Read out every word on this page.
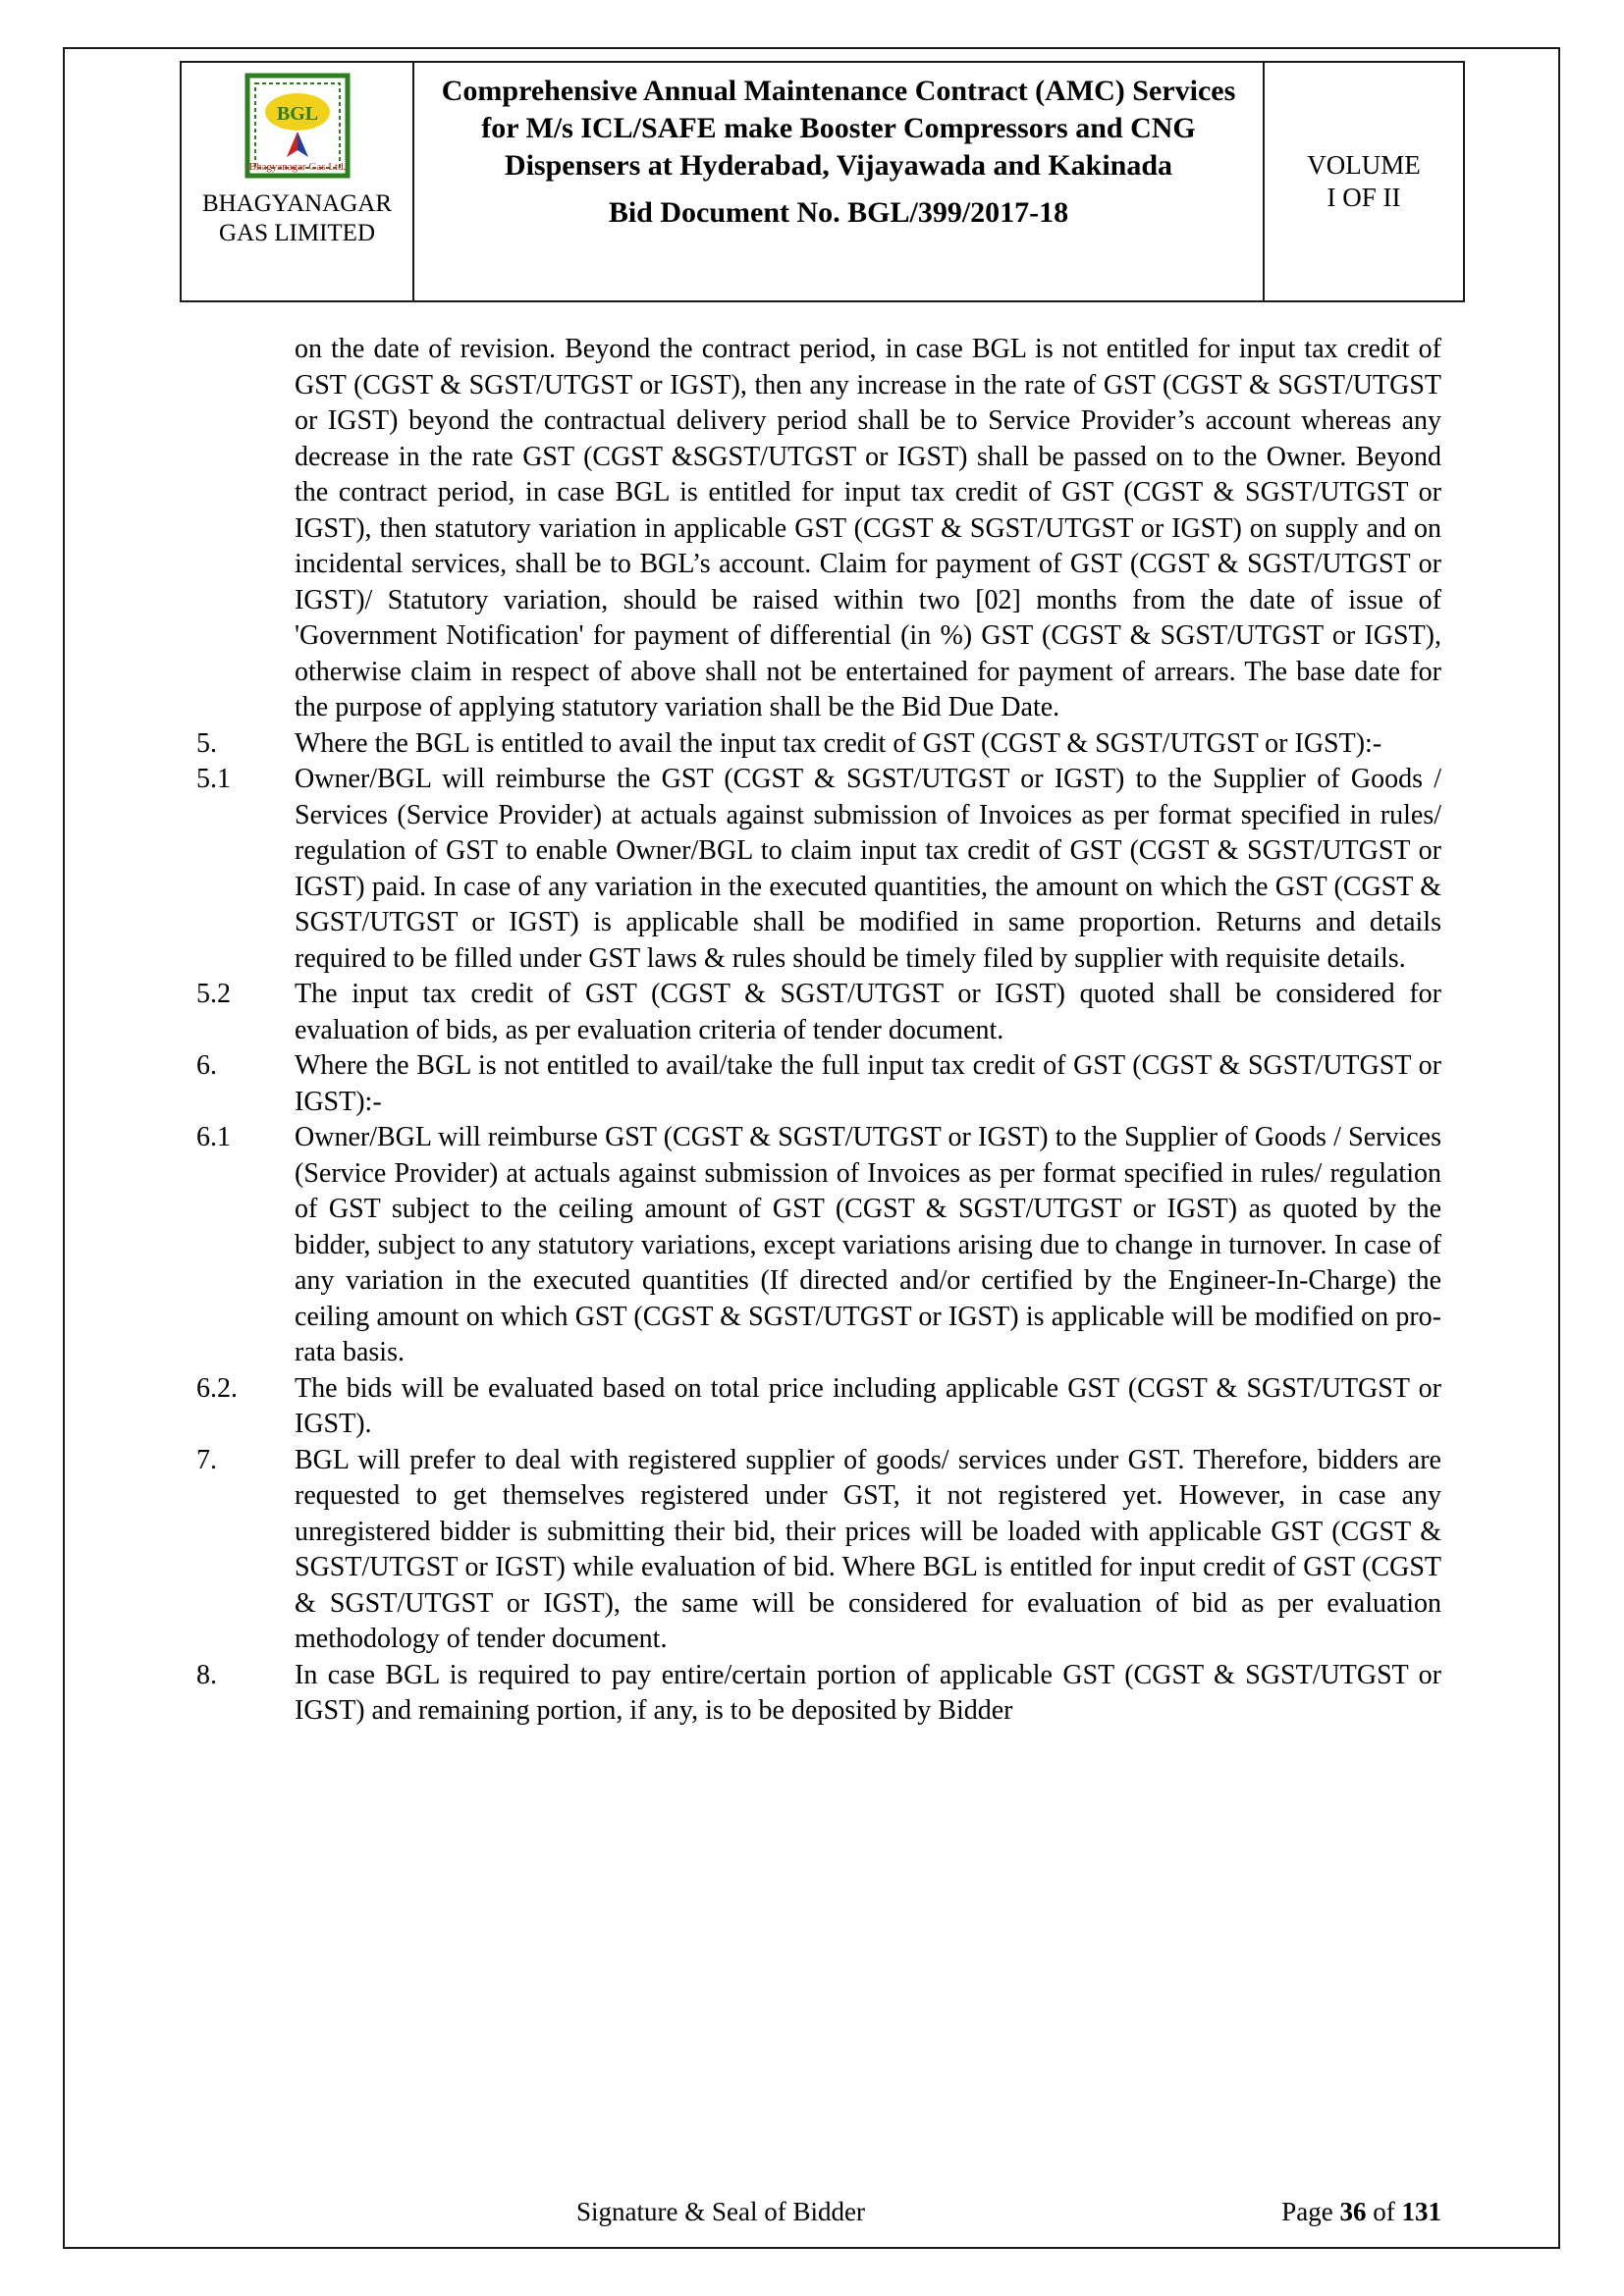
BGL
Bhagyanagar Gas Ltd.
BHAGYANAGAR
GAS LIMITED

Comprehensive Annual Maintenance Contract (AMC) Services for M/s ICL/SAFE make Booster Compressors and CNG Dispensers at Hyderabad, Vijayawada and Kakinada
Bid Document No. BGL/399/2017-18

VOLUME
I OF II
on the date of revision. Beyond the contract period, in case BGL is not entitled for input tax credit of GST (CGST & SGST/UTGST or IGST), then any increase in the rate of GST (CGST & SGST/UTGST or IGST) beyond the contractual delivery period shall be to Service Provider’s account whereas any decrease in the rate GST (CGST &SGST/UTGST or IGST) shall be passed on to the Owner. Beyond the contract period, in case BGL is entitled for input tax credit of GST (CGST & SGST/UTGST or IGST), then statutory variation in applicable GST (CGST & SGST/UTGST or IGST) on supply and on incidental services, shall be to BGL’s account. Claim for payment of GST (CGST & SGST/UTGST or IGST)/ Statutory variation, should be raised within two [02] months from the date of issue of 'Government Notification' for payment of differential (in %) GST (CGST & SGST/UTGST or IGST), otherwise claim in respect of above shall not be entertained for payment of arrears. The base date for the purpose of applying statutory variation shall be the Bid Due Date.
5.	Where the BGL is entitled to avail the input tax credit of GST (CGST & SGST/UTGST or IGST):-
5.1	Owner/BGL will reimburse the GST (CGST & SGST/UTGST or IGST) to the Supplier of Goods / Services (Service Provider) at actuals against submission of Invoices as per format specified in rules/ regulation of GST to enable Owner/BGL to claim input tax credit of GST (CGST & SGST/UTGST or IGST) paid. In case of any variation in the executed quantities, the amount on which the GST (CGST & SGST/UTGST or IGST) is applicable shall be modified in same proportion. Returns and details required to be filled under GST laws & rules should be timely filed by supplier with requisite details.
5.2	The input tax credit of GST (CGST & SGST/UTGST or IGST) quoted shall be considered for evaluation of bids, as per evaluation criteria of tender document.
6.	Where the BGL is not entitled to avail/take the full input tax credit of GST (CGST & SGST/UTGST or IGST):-
6.1	Owner/BGL will reimburse GST (CGST & SGST/UTGST or IGST) to the Supplier of Goods / Services (Service Provider) at actuals against submission of Invoices as per format specified in rules/ regulation of GST subject to the ceiling amount of GST (CGST & SGST/UTGST or IGST) as quoted by the bidder, subject to any statutory variations, except variations arising due to change in turnover. In case of any variation in the executed quantities (If directed and/or certified by the Engineer-In-Charge) the ceiling amount on which GST (CGST & SGST/UTGST or IGST) is applicable will be modified on pro-rata basis.
6.2.	The bids will be evaluated based on total price including applicable GST (CGST & SGST/UTGST or IGST).
7.	BGL will prefer to deal with registered supplier of goods/ services under GST. Therefore, bidders are requested to get themselves registered under GST, it not registered yet. However, in case any unregistered bidder is submitting their bid, their prices will be loaded with applicable GST (CGST & SGST/UTGST or IGST) while evaluation of bid. Where BGL is entitled for input credit of GST (CGST & SGST/UTGST or IGST), the same will be considered for evaluation of bid as per evaluation methodology of tender document.
8.	In case BGL is required to pay entire/certain portion of applicable GST (CGST & SGST/UTGST or IGST) and remaining portion, if any, is to be deposited by Bidder
Signature & Seal of Bidder	Page 36 of 131
